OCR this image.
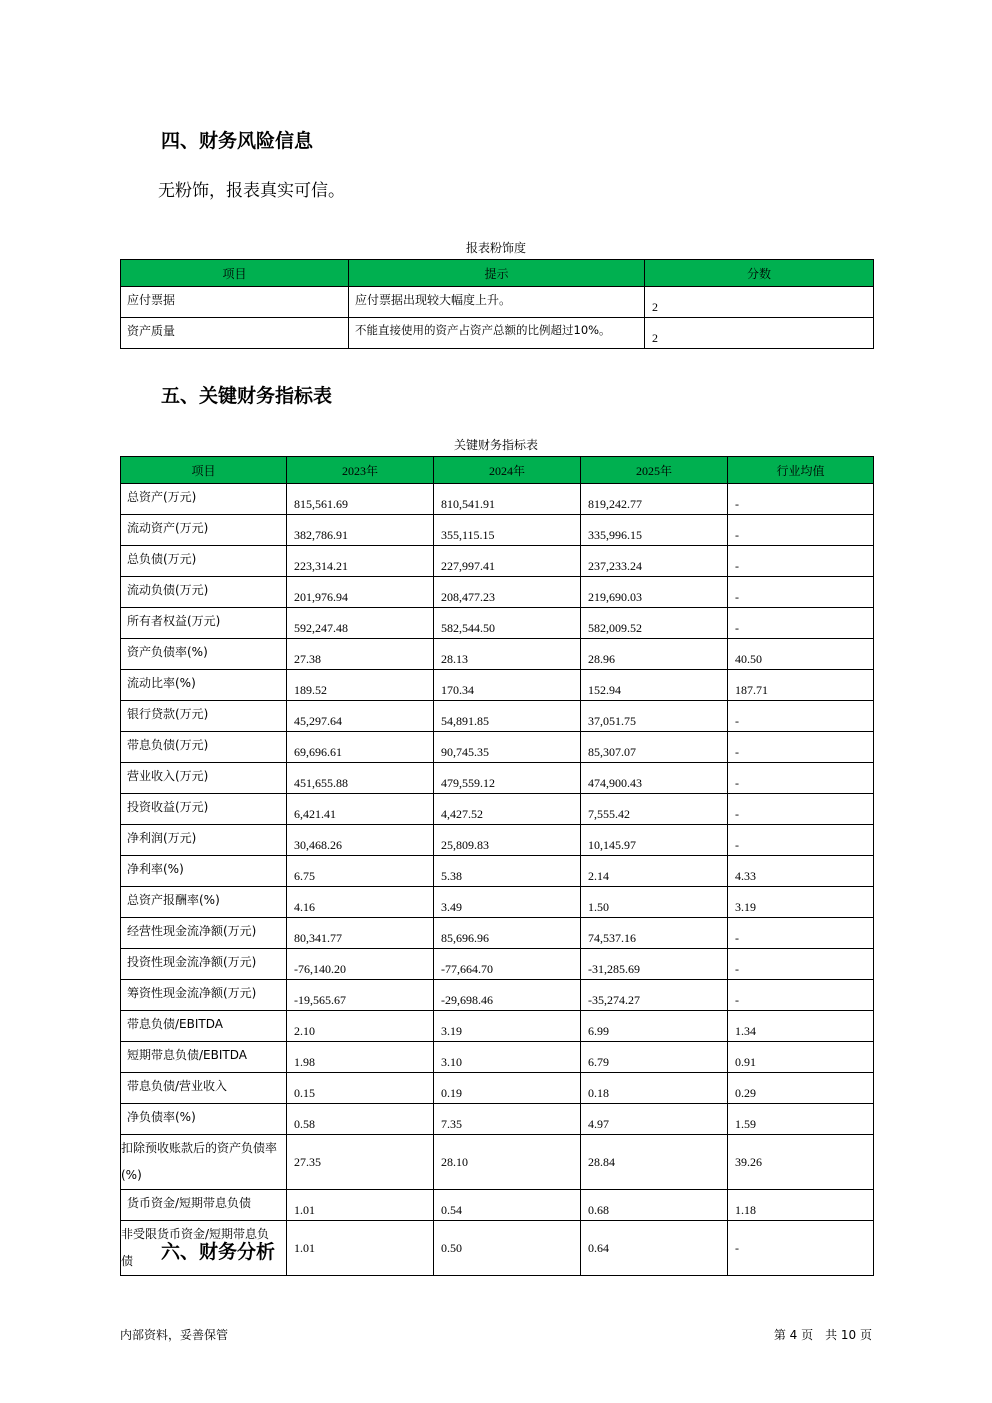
四、财务风险信息
无粉饰，报表真实可信。
报表粉饰度
项目	提示	分数
应付票据	应付票据出现较大幅度上升。	2
资产质量	不能直接使用的资产占资产总额的比例超过10%。	2
五、关键财务指标表
关键财务指标表
项目	2023年	2024年	2025年	行业均值
总资产(万元)	815,561.69	810,541.91	819,242.77	-
流动资产(万元)	382,786.91	355,115.15	335,996.15	-
总负债(万元)	223,314.21	227,997.41	237,233.24	-
流动负债(万元)	201,976.94	208,477.23	219,690.03	-
所有者权益(万元)	592,247.48	582,544.50	582,009.52	-
资产负债率(%)	27.38	28.13	28.96	40.50
流动比率(%)	189.52	170.34	152.94	187.71
银行贷款(万元)	45,297.64	54,891.85	37,051.75	-
带息负债(万元)	69,696.61	90,745.35	85,307.07	-
营业收入(万元)	451,655.88	479,559.12	474,900.43	-
投资收益(万元)	6,421.41	4,427.52	7,555.42	-
净利润(万元)	30,468.26	25,809.83	10,145.97	-
净利率(%)	6.75	5.38	2.14	4.33
总资产报酬率(%)	4.16	3.49	1.50	3.19
经营性现金流净额(万元)	80,341.77	85,696.96	74,537.16	-
投资性现金流净额(万元)	-76,140.20	-77,664.70	-31,285.69	-
筹资性现金流净额(万元)	-19,565.67	-29,698.46	-35,274.27	-
带息负债/EBITDA	2.10	3.19	6.99	1.34
短期带息负债/EBITDA	1.98	3.10	6.79	0.91
带息负债/营业收入	0.15	0.19	0.18	0.29
净负债率(%)	0.58	7.35	4.97	1.59
扣除预收账款后的资产负债率(%)	27.35	28.10	28.84	39.26
货币资金/短期带息负债	1.01	0.54	0.68	1.18
非受限货币资金/短期带息负债	1.01	0.50	0.64	-
六、财务分析
内部资料，妥善保管	第 4 页　共 10 页
